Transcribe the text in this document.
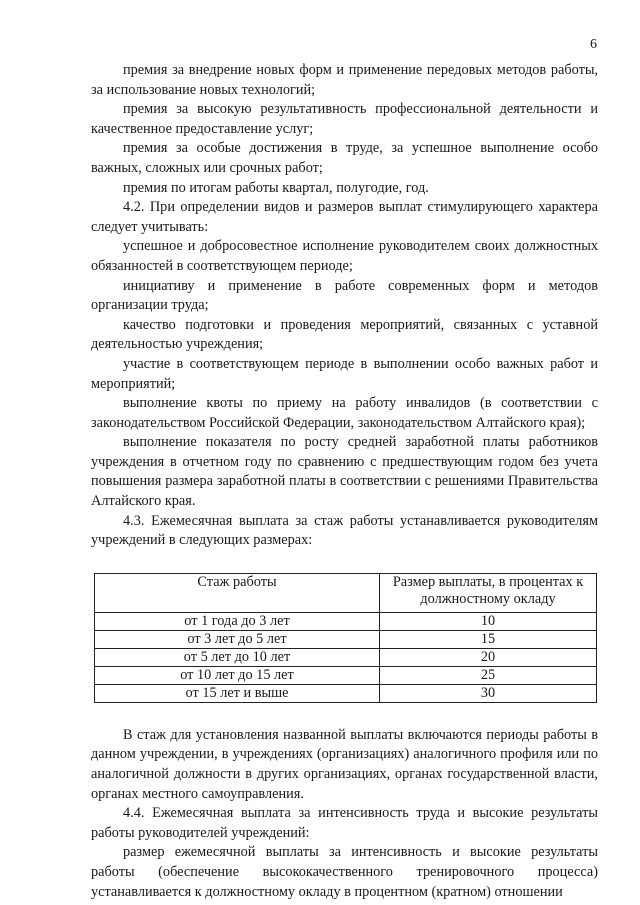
6

премия за внедрение новых форм и применение передовых методов работы, за использование новых технологий;

премия за высокую результативность профессиональной деятельности и качественное предоставление услуг;

премия за особые достижения в труде, за успешное выполнение особо важных, сложных или срочных работ;

премия по итогам работы квартал, полугодие, год.

4.2. При определении видов и размеров выплат стимулирующего характера следует учитывать:

успешное и добросовестное исполнение руководителем своих должностных обязанностей в соответствующем периоде;

инициативу и применение в работе современных форм и методов организации труда;

качество подготовки и проведения мероприятий, связанных с уставной деятельностью учреждения;

участие в соответствующем периоде в выполнении особо важных работ и мероприятий;

выполнение квоты по приему на работу инвалидов (в соответствии с законодательством Российской Федерации, законодательством Алтайского края);

выполнение показателя по росту средней заработной платы работников учреждения в отчетном году по сравнению с предшествующим годом без учета повышения размера заработной платы в соответствии с решениями Правительства Алтайского края.

4.3. Ежемесячная выплата за стаж работы устанавливается руководителям учреждений в следующих размерах:

Стаж работы	Размер выплаты, в процентах к должностному окладу
от 1 года до 3 лет	10
от 3 лет до 5 лет	15
от 5 лет до 10 лет	20
от 10 лет до 15 лет	25
от 15 лет и выше	30

В стаж для установления названной выплаты включаются периоды работы в данном учреждении, в учреждениях (организациях) аналогичного профиля или по аналогичной должности в других организациях, органах государственной власти, органах местного самоуправления.

4.4. Ежемесячная выплата за интенсивность труда и высокие результаты работы руководителей учреждений:

размер ежемесячной выплаты за интенсивность и высокие результаты работы (обеспечение высококачественного тренировочного процесса) устанавливается к должностному окладу в процентном (кратном) отношении
